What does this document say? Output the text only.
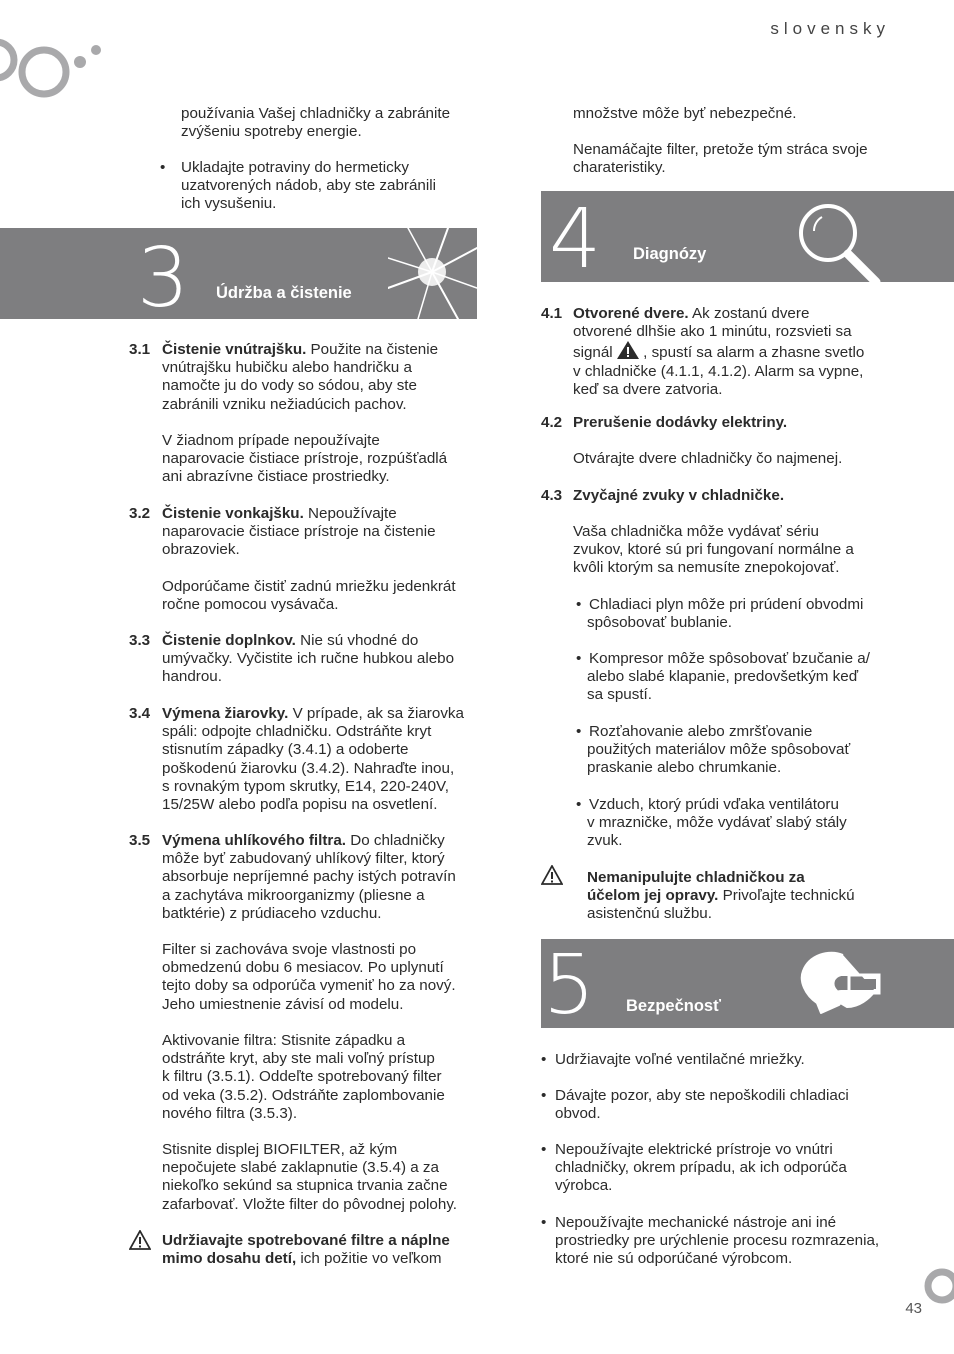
slovensky
používania Vašej chladničky a zabránite
zvýšeniu spotreby energie.
• Ukladajte potraviny do hermeticky
uzatvorených nádob, aby ste zabránili
ich vysušeniu.
3 Údržba a čistenie
3.1 Čistenie vnútrajšku. Použite na čistenie
vnútrajšku hubičku alebo handričku a
namočte ju do vody so sódou, aby ste
zabránili vzniku nežiadúcich pachov.
V žiadnom prípade nepoužívajte
naparovacie čistiace prístroje, rozpúšťadlá
ani abrazívne čistiace prostriedky.
3.2 Čistenie vonkajšku. Nepoužívajte
naparovacie čistiace prístroje na čistenie
obrazoviek.
Odporúčame čistiť zadnú mriežku jedenkrát
ročne pomocou vysávača.
3.3 Čistenie doplnkov. Nie sú vhodné do
umývačky. Vyčistite ich ručne hubkou alebo
handrou.
3.4 Výmena žiarovky. V prípade, ak sa žiarovka
spáli: odpojte chladničku. Odstráňte kryt
stisnutím západky (3.4.1) a odoberte
poškodenú žiarovku (3.4.2). Nahraďte inou,
s rovnakým typom skrutky, E14, 220-240V,
15/25W alebo podľa popisu na osvetlení.
3.5 Výmena uhlíkového filtra. Do chladničky
môže byť zabudovaný uhlíkový filter, ktorý
absorbuje nepríjemné pachy istých potravín
a zachytáva mikroorganizmy (pliesne a
batktérie) z prúdiaceho vzduchu.
Filter si zachováva svoje vlastnosti po
obmedzenú dobu 6 mesiacov. Po uplynutí
tejto doby sa odporúča vymeniť ho za nový.
Jeho umiestnenie závisí od modelu.
Aktivovanie filtra: Stisnite západku a
odstráňte kryt, aby ste mali voľný prístup
k filtru (3.5.1). Oddeľte spotrebovaný filter
od veka (3.5.2). Odstráňte zaplombovanie
nového filtra (3.5.3).
Stisnite displej BIOFILTER, až kým
nepočujete slabé zaklapnutie (3.5.4) a za
niekoľko sekúnd sa stupnica trvania začne
zafarbovať. Vložte filter do pôvodnej polohy.
Udržiavajte spotrebované filtre a náplne
mimo dosahu detí, ich požitie vo veľkom
množstve môže byť nebezpečné.
Nenamáčajte filter, pretože tým stráca svoje
charateristiky.
4 Diagnózy
4.1 Otvorené dvere. Ak zostanú dvere
otvorené dlhšie ako 1 minútu, rozsvieti sa
signál  , spustí sa alarm a zhasne svetlo
v chladničke (4.1.1, 4.1.2). Alarm sa vypne,
keď sa dvere zatvoria.
4.2 Prerušenie dodávky elektriny.
Otvárajte dvere chladničky čo najmenej.
4.3 Zvyčajné zvuky v chladničke.
Vaša chladnička môže vydávať sériu
zvukov, ktoré sú pri fungovaní normálne a
kvôli ktorým sa nemusíte znepokojovať.
• Chladiaci plyn môže pri prúdení obvodmi
spôsobovať bublanie.
• Kompresor môže spôsobovať bzučanie a/
alebo slabé klapanie, predovšetkým keď
sa spustí.
• Rozťahovanie alebo zmršťovanie
použitých materiálov môže spôsobovať
praskanie alebo chrumkanie.
• Vzduch, ktorý prúdi vďaka ventilátoru
v mrazničke, môže vydávať slabý stály
zvuk.
Nemanipulujte chladničkou za
účelom jej opravy. Privoľajte technickú
asistenčnú službu.
5 Bezpečnosť
• Udržiavajte voľné ventilačné mriežky.
• Dávajte pozor, aby ste nepoškodili chladiaci
obvod.
• Nepoužívajte elektrické prístroje vo vnútri
chladničky, okrem prípadu, ak ich odporúča
výrobca.
• Nepoužívajte mechanické nástroje ani iné
prostriedky pre urýchlenie procesu rozmrazenia,
ktoré nie sú odporúčané výrobcom.
43
